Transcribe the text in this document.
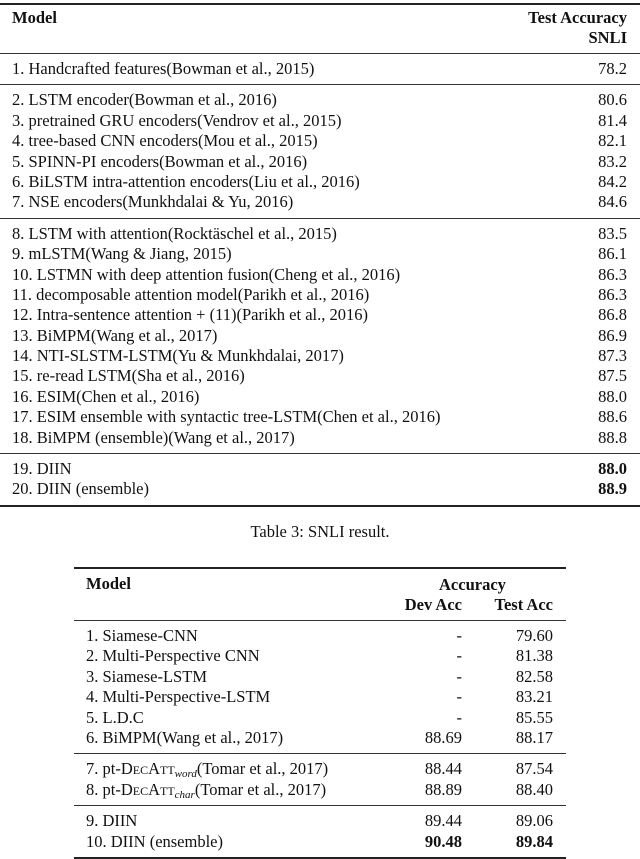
Model	Test Accuracy
SNLI
1. Handcrafted features(Bowman et al., 2015)	78.2
2. LSTM encoder(Bowman et al., 2016)	80.6
3. pretrained GRU encoders(Vendrov et al., 2015)	81.4
4. tree-based CNN encoders(Mou et al., 2015)	82.1
5. SPINN-PI encoders(Bowman et al., 2016)	83.2
6. BiLSTM intra-attention encoders(Liu et al., 2016)	84.2
7. NSE encoders(Munkhdalai & Yu, 2016)	84.6
8. LSTM with attention(Rocktäschel et al., 2015)	83.5
9. mLSTM(Wang & Jiang, 2015)	86.1
10. LSTMN with deep attention fusion(Cheng et al., 2016)	86.3
11. decomposable attention model(Parikh et al., 2016)	86.3
12. Intra-sentence attention + (11)(Parikh et al., 2016)	86.8
13. BiMPM(Wang et al., 2017)	86.9
14. NTI-SLSTM-LSTM(Yu & Munkhdalai, 2017)	87.3
15. re-read LSTM(Sha et al., 2016)	87.5
16. ESIM(Chen et al., 2016)	88.0
17. ESIM ensemble with syntactic tree-LSTM(Chen et al., 2016)	88.6
18. BiMPM (ensemble)(Wang et al., 2017)	88.8
19. DIIN	88.0
20. DIIN (ensemble)	88.9
Table 3: SNLI result.
Model	Accuracy
Dev Acc Test Acc
1. Siamese-CNN	-	79.60
2. Multi-Perspective CNN	-	81.38
3. Siamese-LSTM	-	82.58
4. Multi-Perspective-LSTM	-	83.21
5. L.D.C	-	85.55
6. BiMPM(Wang et al., 2017)	88.69	88.17
7. pt-DecAtt$_{word}$(Tomar et al., 2017)	88.44	87.54
8. pt-DecAtt$_{char}$(Tomar et al., 2017)	88.89	88.40
9. DIIN	89.44	89.06
10. DIIN (ensemble)	90.48	89.84
